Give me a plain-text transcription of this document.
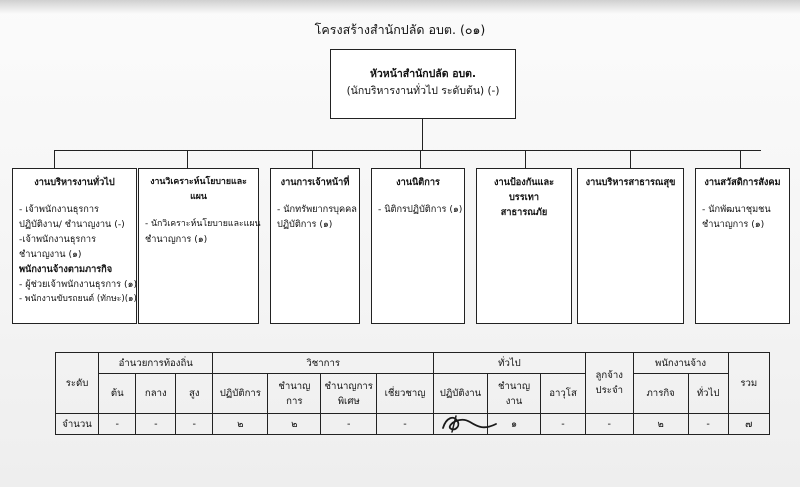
โครงสร้างสำนักปลัด อบต. (๐๑)
หัวหน้าสำนักปลัด อบต.
(นักบริหารงานทั่วไป ระดับต้น) (-)
งานบริหารงานทั่วไป
- เจ้าพนักงานธุรการ
ปฏิบัติงาน/ ชำนาญงาน (-)
-เจ้าพนักงานธุรการ
ชำนาญงาน (๑)
พนักงานจ้างตามภารกิจ
- ผู้ช่วยเจ้าพนักงานธุรการ (๑)
- พนักงานขับรถยนต์ (ทักษะ)(๑)
งานวิเคราะห์นโยบายและแผน
- นักวิเคราะห์นโยบายและแผน
ชำนาญการ (๑)
งานการเจ้าหน้าที่
- นักทรัพยากรบุคคล
ปฏิบัติการ (๑)
งานนิติการ
- นิติกรปฏิบัติการ (๑)
งานป้องกันและบรรเทาสาธารณภัย
งานบริหารสาธารณสุข	งานสวัสดิการสังคม
- นักพัฒนาชุมชน
ชำนาญการ (๑)
ระดับ	อำนวยการท้องถิ่น			วิชาการ				ทั่วไป			ลูกจ้างประจำ	พนักงานจ้าง		รวม
	ต้น	กลาง	สูง	ปฏิบัติการ	ชำนาญการ	ชำนาญการพิเศษ	เชี่ยวชาญ	ปฏิบัติงาน	ชำนาญงาน	อาวุโส		ภารกิจ	ทั่วไป	
จำนวน	-	-	-	๒	๒	-	-		๑	-	-	๒	-	๗
